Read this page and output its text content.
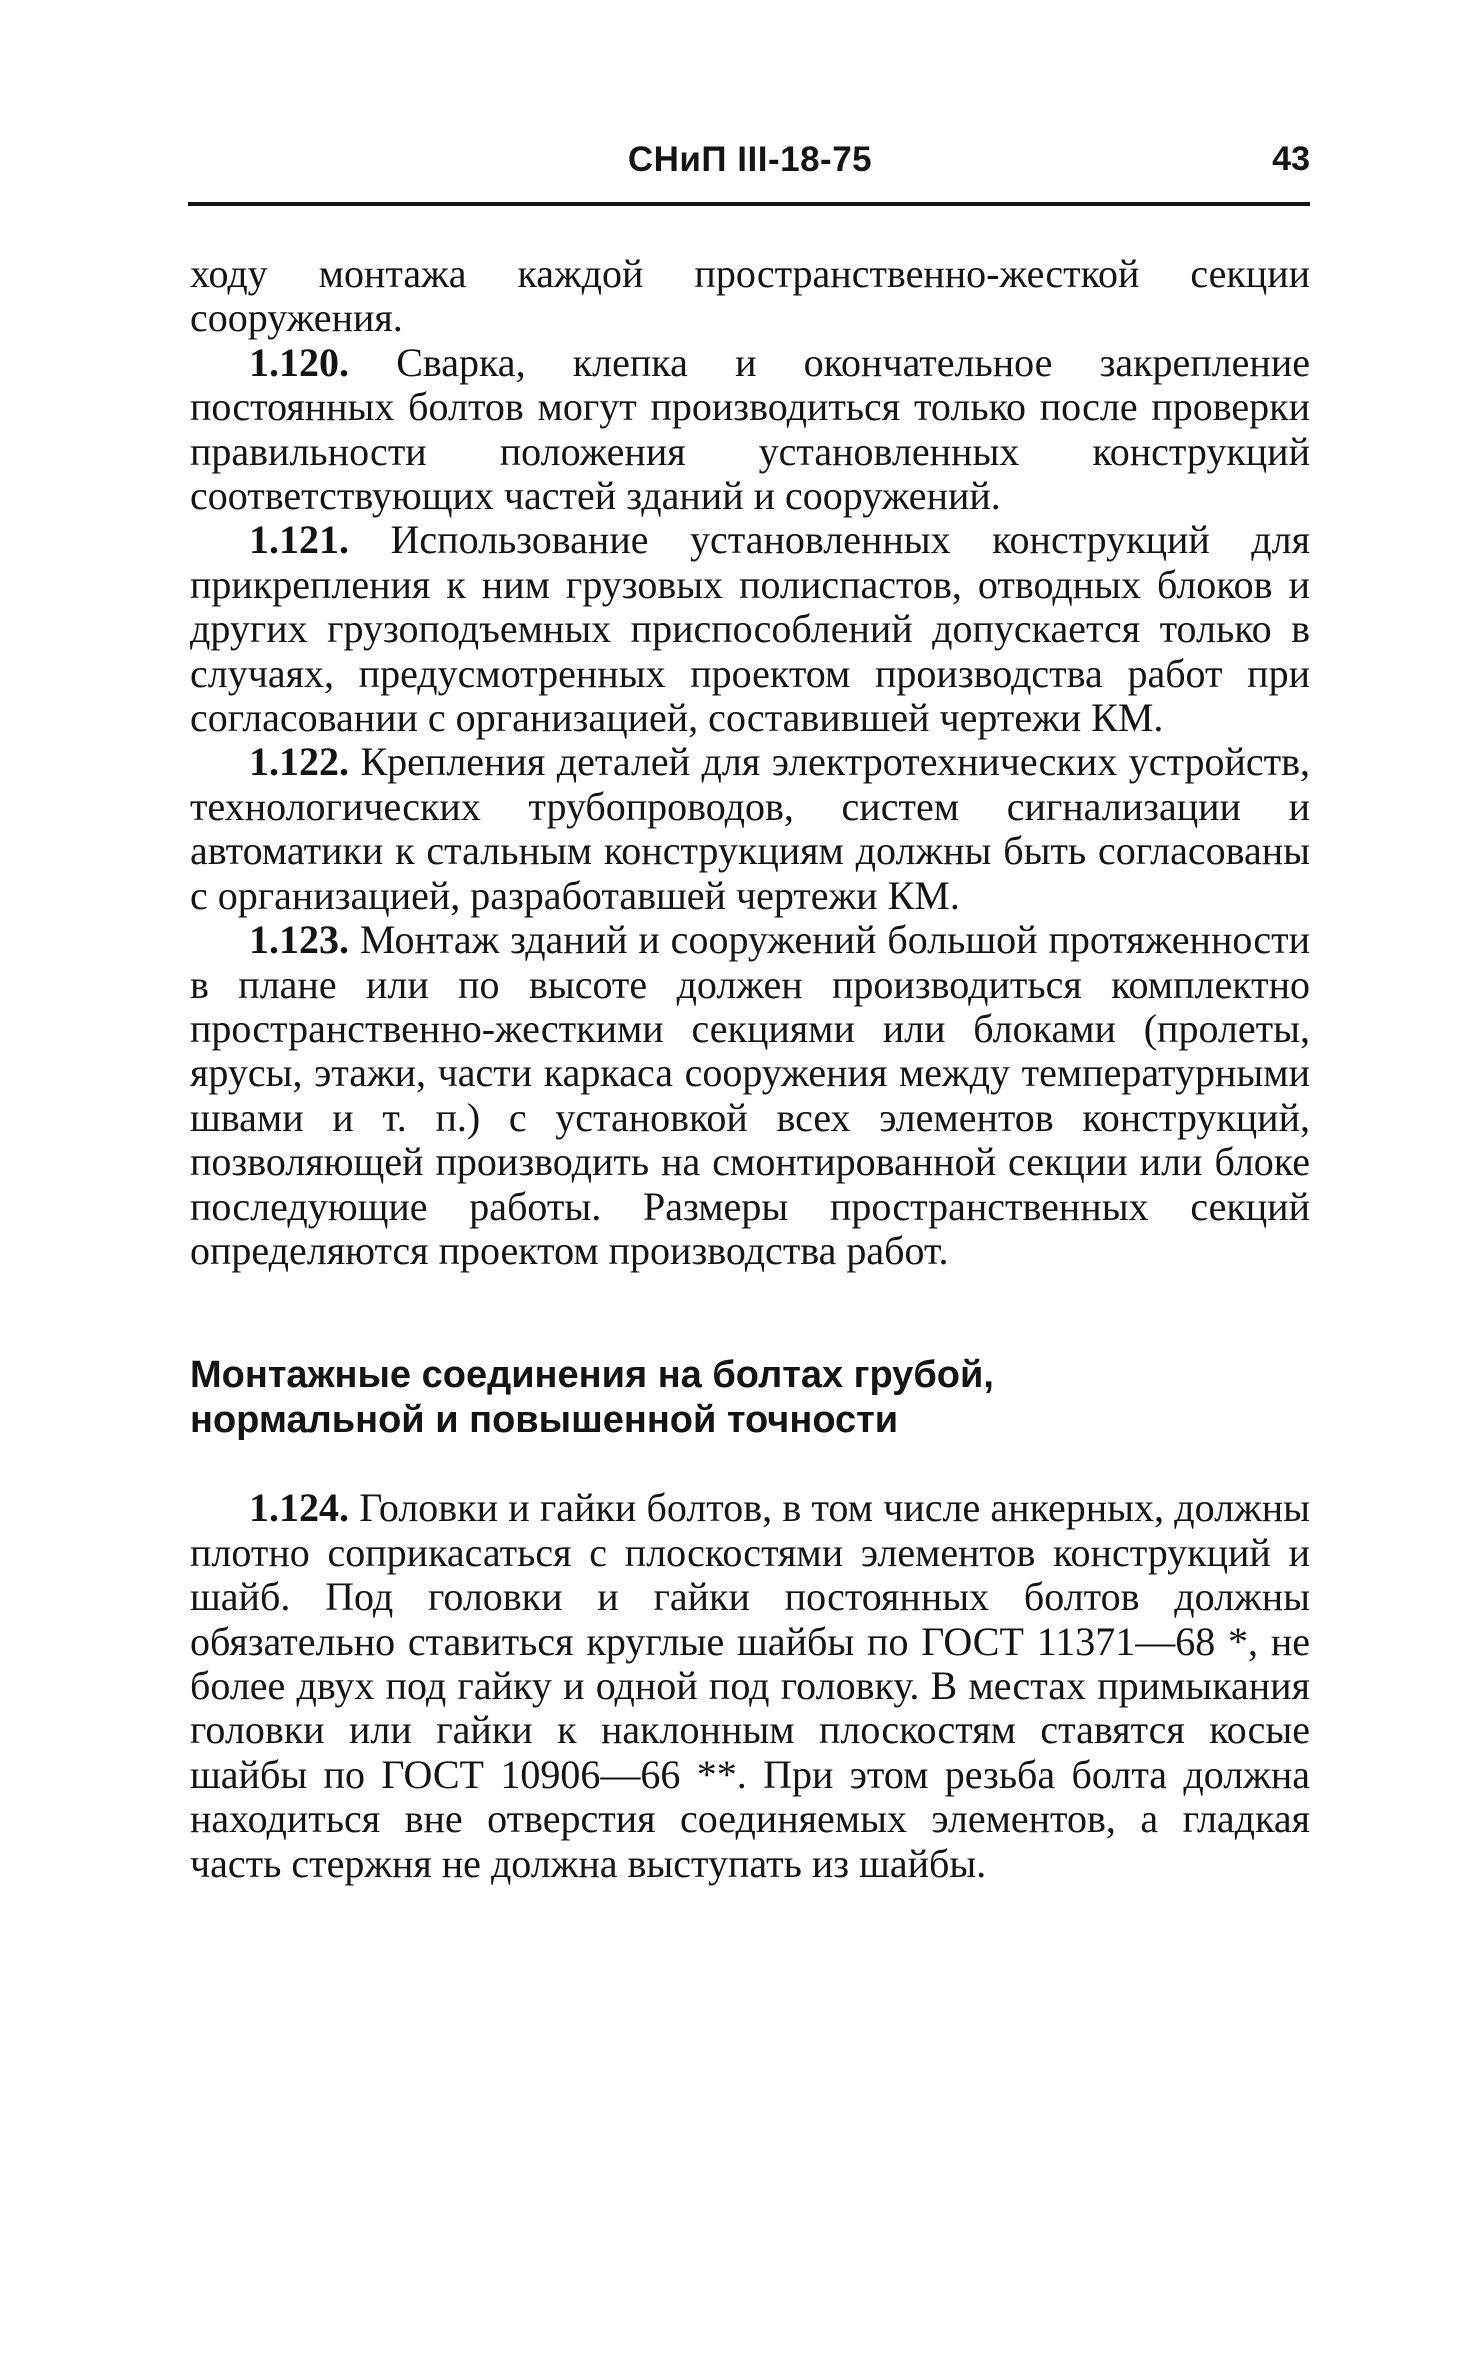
СНиП III-18-75	43

ходу монтажа каждой пространственно-жесткой секции сооружения.

1.120. Сварка, клепка и окончательное закрепление постоянных болтов могут производиться только после проверки правильности положения установленных конструкций соответствующих частей зданий и сооружений.

1.121. Использование установленных конструкций для прикрепления к ним грузовых полиспастов, отводных блоков и других грузоподъемных приспособлений допускается только в случаях, предусмотренных проектом производства работ при согласовании с организацией, составившей чертежи КМ.

1.122. Крепления деталей для электротехнических устройств, технологических трубопроводов, систем сигнализации и автоматики к стальным конструкциям должны быть согласованы с организацией, разработавшей чертежи КМ.

1.123. Монтаж зданий и сооружений большой протяженности в плане или по высоте должен производиться комплектно пространственно-жесткими секциями или блоками (пролеты, ярусы, этажи, части каркаса сооружения между температурными швами и т. п.) с установкой всех элементов конструкций, позволяющей производить на смонтированной секции или блоке последующие работы. Размеры пространственных секций определяются проектом производства работ.

Монтажные соединения на болтах грубой,
нормальной и повышенной точности

1.124. Головки и гайки болтов, в том числе анкерных, должны плотно соприкасаться с плоскостями элементов конструкций и шайб. Под головки и гайки постоянных болтов должны обязательно ставиться круглые шайбы по ГОСТ 11371—68 *, не более двух под гайку и одной под головку. В местах примыкания головки или гайки к наклонным плоскостям ставятся косые шайбы по ГОСТ 10906—66 **. При этом резьба болта должна находиться вне отверстия соединяемых элементов, а гладкая часть стержня не должна выступать из шайбы.
